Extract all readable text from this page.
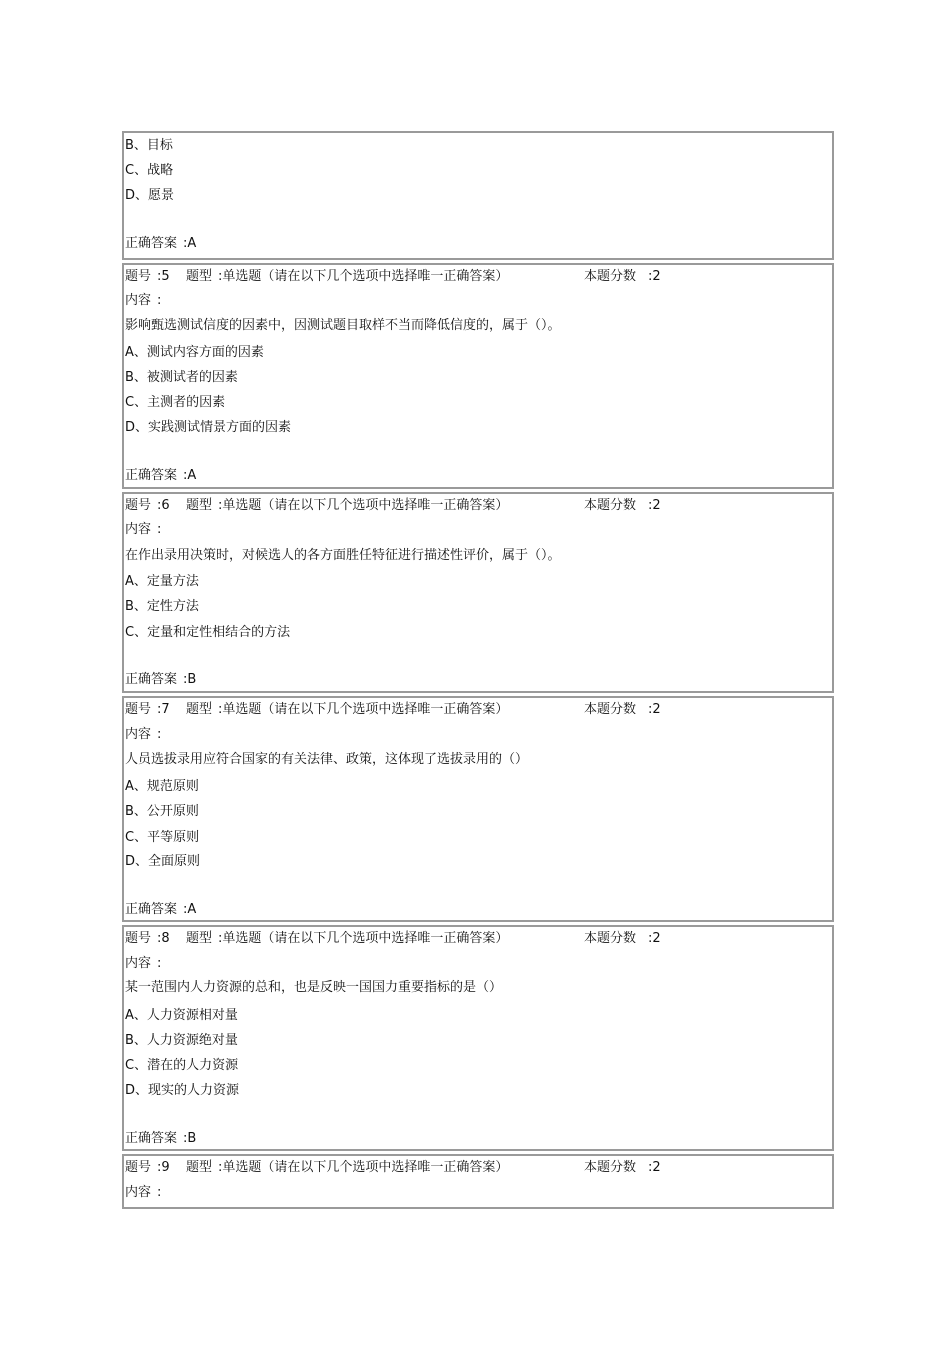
B、目标
C、战略
D、愿景
正确答案 :A
题号 :5 题型 :单选题（请在以下几个选项中选择唯一正确答案）	本题分数 :2
内容 :
影响甄选测试信度的因素中，因测试题目取样不当而降低信度的，属于（）。
A、测试内容方面的因素
B、被测试者的因素
C、主测者的因素
D、实践测试情景方面的因素
正确答案 :A
题号 :6 题型 :单选题（请在以下几个选项中选择唯一正确答案）	本题分数 :2
内容 :
在作出录用决策时，对候选人的各方面胜任特征进行描述性评价，属于（）。
A、定量方法
B、定性方法
C、定量和定性相结合的方法
正确答案 :B
题号 :7 题型 :单选题（请在以下几个选项中选择唯一正确答案）	本题分数 :2
内容 :
人员选拔录用应符合国家的有关法律、政策，这体现了选拔录用的（）
A、规范原则
B、公开原则
C、平等原则
D、全面原则
正确答案 :A
题号 :8 题型 :单选题（请在以下几个选项中选择唯一正确答案）	本题分数 :2
内容 :
某一范围内人力资源的总和，也是反映一国国力重要指标的是（）
A、人力资源相对量
B、人力资源绝对量
C、潜在的人力资源
D、现实的人力资源
正确答案 :B
题号 :9 题型 :单选题（请在以下几个选项中选择唯一正确答案）	本题分数 :2
内容 :
